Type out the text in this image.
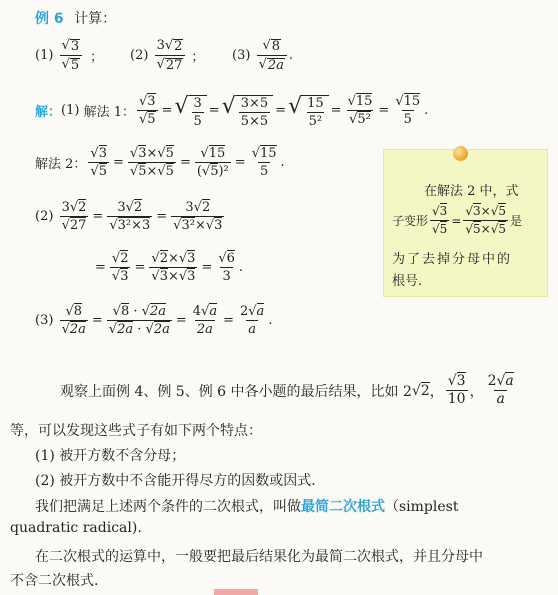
例 6 计算：
(1)
$\frac{√ 3}{√ 5}$ ； (2)
$\frac{3 √ 2}{√ 27}$ ； (3)
$\frac{√ 8}{√ 2a}$ .
解 ： (1)
解法 1： $\frac{√3}{√5}$ = √ $\frac{3}{5}$ = √ $\frac{3\times 5}{5\times 5}$ = √ $\frac{15}{\text{5²}} = \frac{√15}{\text{√5²}} = \frac{√15}{5}$ .
解法 2： $\frac{√3}{√5} = \frac{√3\times√5}{√5\times√5} = \frac{√15}{\text{(√5)²}} = \frac{√15}{5}$ .
(2)
$\frac{3√2}{√27} = \frac{3√2}{\text{√3²×3}} = \frac{3√2}{\text{√3²×√3}}$
= $\frac{√2}{√3} = \frac{√2\times√3}{√3\times√3} = \frac{√6}{3}$ .
(3)
$\frac{√8}{√2a} = \frac{√8 \cdot √2a}{√2a \cdot √2a} = \frac{4√a}{2a} = \frac{2√a}{a}$ .
在解法 2 中，式
子变形 $\frac{√3}{√5} = \frac{√3\times√5}{√5\times√5}$ 是
为了去掉分母中的
根号.
观察上面例 4、例 5、例 6 中各小题的最后结果，比如 2 √2 ， $\frac{√3}{10}$ ， $\frac{2√a}{a}$
等，可以发现这些式子有如下两个特点：
(1) 被开方数不含分母；
(2) 被开方数中不含能开得尽方的因数或因式.
我们把满足上述两个条件的二次根式，叫做最简二次根式（simplest
quadratic radical).
在二次根式的运算中，一般要把最后结果化为最简二次根式，并且分母中
不含二次根式.
